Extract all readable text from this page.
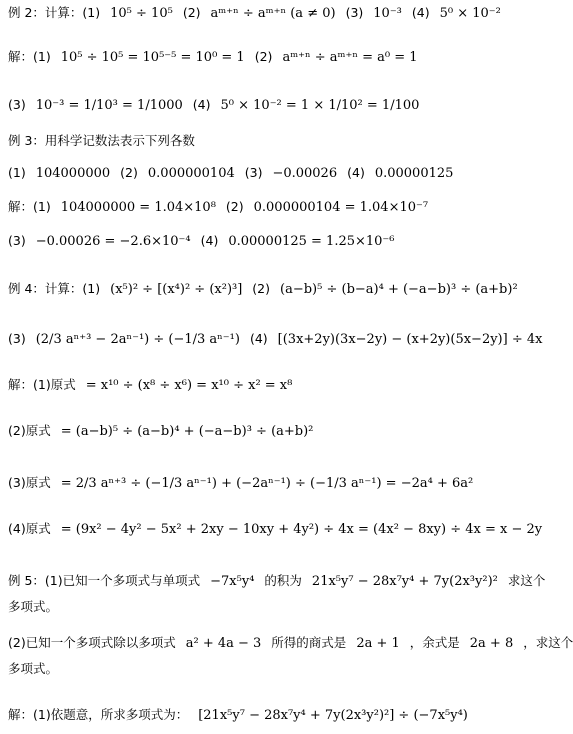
例 2：计算：(1) 10⁵ ÷ 10⁵ (2) aᵐ⁺ⁿ ÷ aᵐ⁺ⁿ (a ≠ 0) (3) 10⁻³ (4) 5⁰ × 10⁻²
解：(1) 10⁵ ÷ 10⁵ = 10⁵⁻⁵ = 10⁰ = 1 (2) aᵐ⁺ⁿ ÷ aᵐ⁺ⁿ = a⁰ = 1
(3) 10⁻³ = 1/10³ = 1/1000 (4) 5⁰ × 10⁻² = 1 × 1/10² = 1/100
例 3：用科学记数法表示下列各数
(1) 104000000 (2) 0.000000104 (3) −0.00026 (4) 0.00000125
解：(1) 104000000 = 1.04×10⁸ (2) 0.000000104 = 1.04×10⁻⁷
(3) −0.00026 = −2.6×10⁻⁴ (4) 0.00000125 = 1.25×10⁻⁶
例 4：计算：(1) (x⁵)² ÷ [(x⁴)² ÷ (x²)³] (2) (a−b)⁵ ÷ (b−a)⁴ + (−a−b)³ ÷ (a+b)²
(3) (2/3 aⁿ⁺³ − 2aⁿ⁻¹) ÷ (−1/3 aⁿ⁻¹) (4) [(3x+2y)(3x−2y) − (x+2y)(5x−2y)] ÷ 4x
解：(1)原式 = x¹⁰ ÷ (x⁸ ÷ x⁶) = x¹⁰ ÷ x² = x⁸
(2)原式 = (a−b)⁵ ÷ (a−b)⁴ + (−a−b)³ ÷ (a+b)²
(3)原式 = 2/3 aⁿ⁺³ ÷ (−1/3 aⁿ⁻¹) + (−2aⁿ⁻¹) ÷ (−1/3 aⁿ⁻¹) = −2a⁴ + 6a²
(4)原式 = (9x² − 4y² − 5x² + 2xy − 10xy + 4y²) ÷ 4x = (4x² − 8xy) ÷ 4x = x − 2y
例 5：(1)已知一个多项式与单项式 −7x⁵y⁴ 的积为 21x⁵y⁷ − 28x⁷y⁴ + 7y(2x³y²)² 求这个
多项式。
(2)已知一个多项式除以多项式 a² + 4a − 3 所得的商式是 2a + 1 ，余式是 2a + 8 ，求这个
多项式。
解：(1)依题意，所求多项式为： [21x⁵y⁷ − 28x⁷y⁴ + 7y(2x³y²)²] ÷ (−7x⁵y⁴)
